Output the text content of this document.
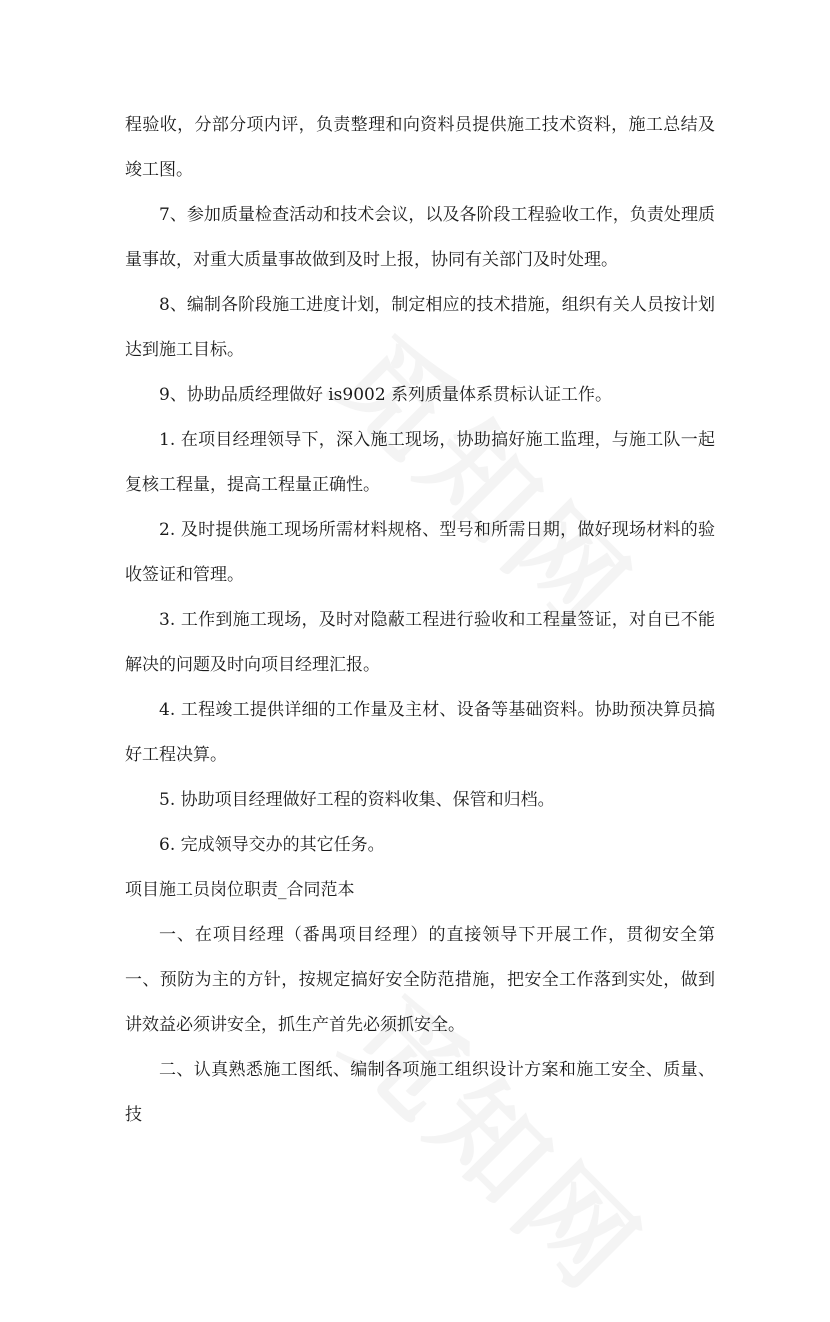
程验收，分部分项内评，负责整理和向资料员提供施工技术资料，施工总结及竣工图。

7、参加质量检查活动和技术会议，以及各阶段工程验收工作，负责处理质量事故，对重大质量事故做到及时上报，协同有关部门及时处理。

8、编制各阶段施工进度计划，制定相应的技术措施，组织有关人员按计划达到施工目标。

9、协助品质经理做好 is9002 系列质量体系贯标认证工作。

1. 在项目经理领导下，深入施工现场，协助搞好施工监理，与施工队一起复核工程量，提高工程量正确性。

2. 及时提供施工现场所需材料规格、型号和所需日期，做好现场材料的验收签证和管理。

3. 工作到施工现场，及时对隐蔽工程进行验收和工程量签证，对自已不能解决的问题及时向项目经理汇报。

4. 工程竣工提供详细的工作量及主材、设备等基础资料。协助预决算员搞好工程决算。

5. 协助项目经理做好工程的资料收集、保管和归档。

6. 完成领导交办的其它任务。

项目施工员岗位职责_合同范本

一、在项目经理（番禺项目经理）的直接领导下开展工作，贯彻安全第一、预防为主的方针，按规定搞好安全防范措施，把安全工作落到实处，做到讲效益必须讲安全，抓生产首先必须抓安全。

二、认真熟悉施工图纸、编制各项施工组织设计方案和施工安全、质量、技
